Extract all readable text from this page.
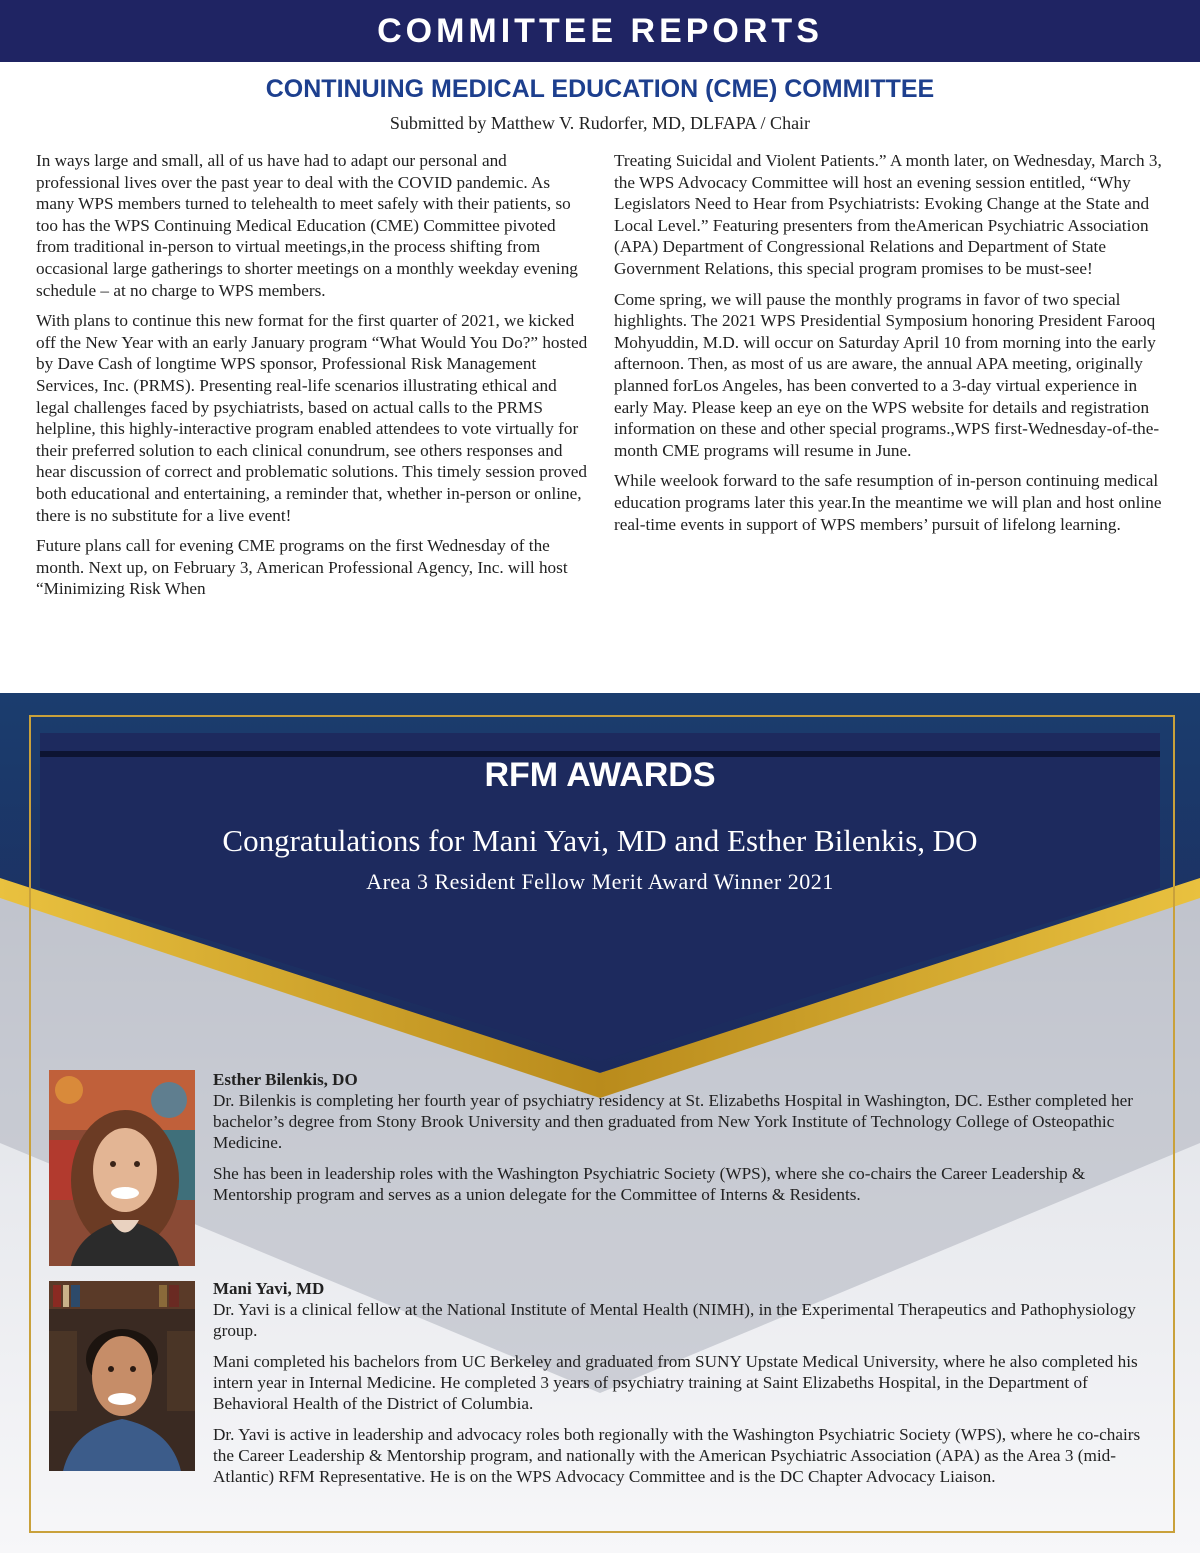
COMMITTEE REPORTS
CONTINUING MEDICAL EDUCATION (CME) COMMITTEE
Submitted by Matthew V. Rudorfer, MD, DLFAPA / Chair

In ways large and small, all of us have had to adapt our personal and professional lives over the past year to deal with the COVID pandemic. As many WPS members turned to telehealth to meet safely with their patients, so too has the WPS Continuing Medical Education (CME) Committee pivoted from traditional in-person to virtual meetings,in the process shifting from occasional large gatherings to shorter meetings on a monthly weekday evening schedule – at no charge to WPS members.

With plans to continue this new format for the first quarter of 2021, we kicked off the New Year with an early January program “What Would You Do?” hosted by Dave Cash of longtime WPS sponsor, Professional Risk Management Services, Inc. (PRMS). Presenting real-life scenarios illustrating ethical and legal challenges faced by psychiatrists, based on actual calls to the PRMS helpline, this highly-interactive program enabled attendees to vote virtually for their preferred solution to each clinical conundrum, see others responses and hear discussion of correct and problematic solutions. This timely session proved both educational and entertaining, a reminder that, whether in-person or online, there is no substitute for a live event!

Future plans call for evening CME programs on the first Wednesday of the month. Next up, on February 3, American Professional Agency, Inc. will host “Minimizing Risk When

Treating Suicidal and Violent Patients.” A month later, on Wednesday, March 3, the WPS Advocacy Committee will host an evening session entitled, “Why Legislators Need to Hear from Psychiatrists: Evoking Change at the State and Local Level.” Featuring presenters from theAmerican Psychiatric Association (APA) Department of Congressional Relations and Department of State Government Relations, this special program promises to be must-see!

Come spring, we will pause the monthly programs in favor of two special highlights. The 2021 WPS Presidential Symposium honoring President Farooq Mohyuddin, M.D. will occur on Saturday April 10 from morning into the early afternoon. Then, as most of us are aware, the annual APA meeting, originally planned forLos Angeles, has been converted to a 3-day virtual experience in early May. Please keep an eye on the WPS website for details and registration information on these and other special programs.,WPS first-Wednesday-of-the-month CME programs will resume in June.

While weelook forward to the safe resumption of in-person continuing medical education programs later this year.In the meantime we will plan and host online real-time events in support of WPS members’ pursuit of lifelong learning.

RFM AWARDS
Congratulations for Mani Yavi, MD and Esther Bilenkis, DO
Area 3 Resident Fellow Merit Award Winner 2021
Esther Bilenkis, DO

Dr. Bilenkis is completing her fourth year of psychiatry residency at St. Elizabeths Hospital in Washington, DC. Esther completed her bachelor’s degree from Stony Brook University and then graduated from New York Institute of Technology College of Osteopathic Medicine.

She has been in leadership roles with the Washington Psychiatric Society (WPS), where she co-chairs the Career Leadership & Mentorship program and serves as a union delegate for the Committee of Interns & Residents.

Mani Yavi, MD

Dr. Yavi is a clinical fellow at the National Institute of Mental Health (NIMH), in the Experimental Therapeutics and Pathophysiology group.

Mani completed his bachelors from UC Berkeley and graduated from SUNY Upstate Medical University, where he also completed his intern year in Internal Medicine. He completed 3 years of psychiatry training at Saint Elizabeths Hospital, in the Department of Behavioral Health of the District of Columbia.

Dr. Yavi is active in leadership and advocacy roles both regionally with the Washington Psychiatric Society (WPS), where he co-chairs the Career Leadership & Mentorship program, and nationally with the American Psychiatric Association (APA) as the Area 3 (mid-Atlantic) RFM Representative. He is on the WPS Advocacy Committee and is the DC Chapter Advocacy Liaison.
